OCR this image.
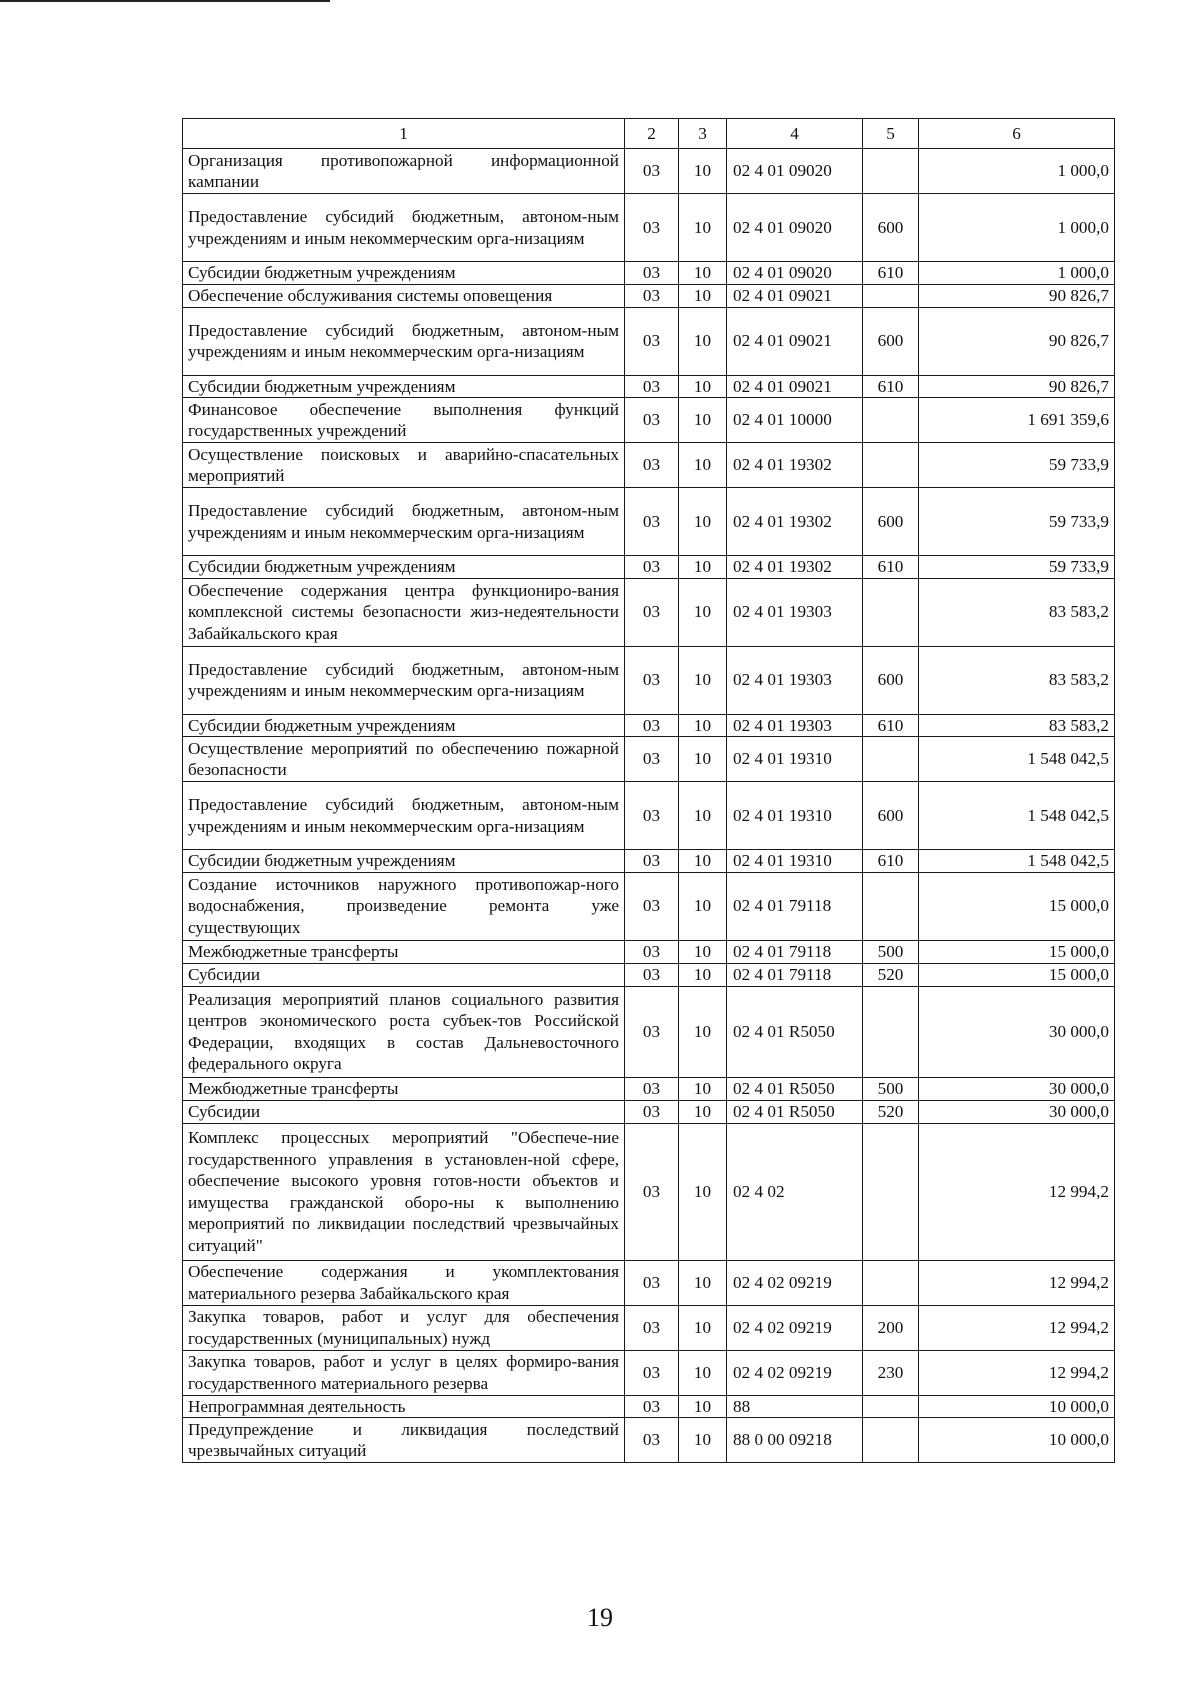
1	2	3	4	5	6
Организация противопожарной информационной кампании	03	10	02 4 01 09020		1 000,0
Предоставление субсидий бюджетным, автоном-ным учреждениям и иным некоммерческим орга-низациям	03	10	02 4 01 09020	600	1 000,0
Субсидии бюджетным учреждениям	03	10	02 4 01 09020	610	1 000,0
Обеспечение обслуживания системы оповещения	03	10	02 4 01 09021		90 826,7
Предоставление субсидий бюджетным, автоном-ным учреждениям и иным некоммерческим орга-низациям	03	10	02 4 01 09021	600	90 826,7
Субсидии бюджетным учреждениям	03	10	02 4 01 09021	610	90 826,7
Финансовое обеспечение выполнения функций государственных учреждений	03	10	02 4 01 10000		1 691 359,6
Осуществление поисковых и аварийно-спасательных мероприятий	03	10	02 4 01 19302		59 733,9
Предоставление субсидий бюджетным, автоном-ным учреждениям и иным некоммерческим орга-низациям	03	10	02 4 01 19302	600	59 733,9
Субсидии бюджетным учреждениям	03	10	02 4 01 19302	610	59 733,9
Обеспечение содержания центра функциониро-вания комплексной системы безопасности жиз-недеятельности Забайкальского края	03	10	02 4 01 19303		83 583,2
Предоставление субсидий бюджетным, автоном-ным учреждениям и иным некоммерческим орга-низациям	03	10	02 4 01 19303	600	83 583,2
Субсидии бюджетным учреждениям	03	10	02 4 01 19303	610	83 583,2
Осуществление мероприятий по обеспечению пожарной безопасности	03	10	02 4 01 19310		1 548 042,5
Предоставление субсидий бюджетным, автоном-ным учреждениям и иным некоммерческим орга-низациям	03	10	02 4 01 19310	600	1 548 042,5
Субсидии бюджетным учреждениям	03	10	02 4 01 19310	610	1 548 042,5
Создание источников наружного противопожар-ного водоснабжения, произведение ремонта уже существующих	03	10	02 4 01 79118		15 000,0
Межбюджетные трансферты	03	10	02 4 01 79118	500	15 000,0
Субсидии	03	10	02 4 01 79118	520	15 000,0
Реализация мероприятий планов социального развития центров экономического роста субъек-тов Российской Федерации, входящих в состав Дальневосточного федерального округа	03	10	02 4 01 R5050		30 000,0
Межбюджетные трансферты	03	10	02 4 01 R5050	500	30 000,0
Субсидии	03	10	02 4 01 R5050	520	30 000,0
Комплекс процессных мероприятий "Обеспече-ние государственного управления в установлен-ной сфере, обеспечение высокого уровня готов-ности объектов и имущества гражданской оборо-ны к выполнению мероприятий по ликвидации последствий чрезвычайных ситуаций"	03	10	02 4 02		12 994,2
Обеспечение содержания и укомплектования материального резерва Забайкальского края	03	10	02 4 02 09219		12 994,2
Закупка товаров, работ и услуг для обеспечения государственных (муниципальных) нужд	03	10	02 4 02 09219	200	12 994,2
Закупка товаров, работ и услуг в целях формиро-вания государственного материального резерва	03	10	02 4 02 09219	230	12 994,2
Непрограммная деятельность	03	10	88		10 000,0
Предупреждение и ликвидация последствий чрезвычайных ситуаций	03	10	88 0 00 09218		10 000,0
19
